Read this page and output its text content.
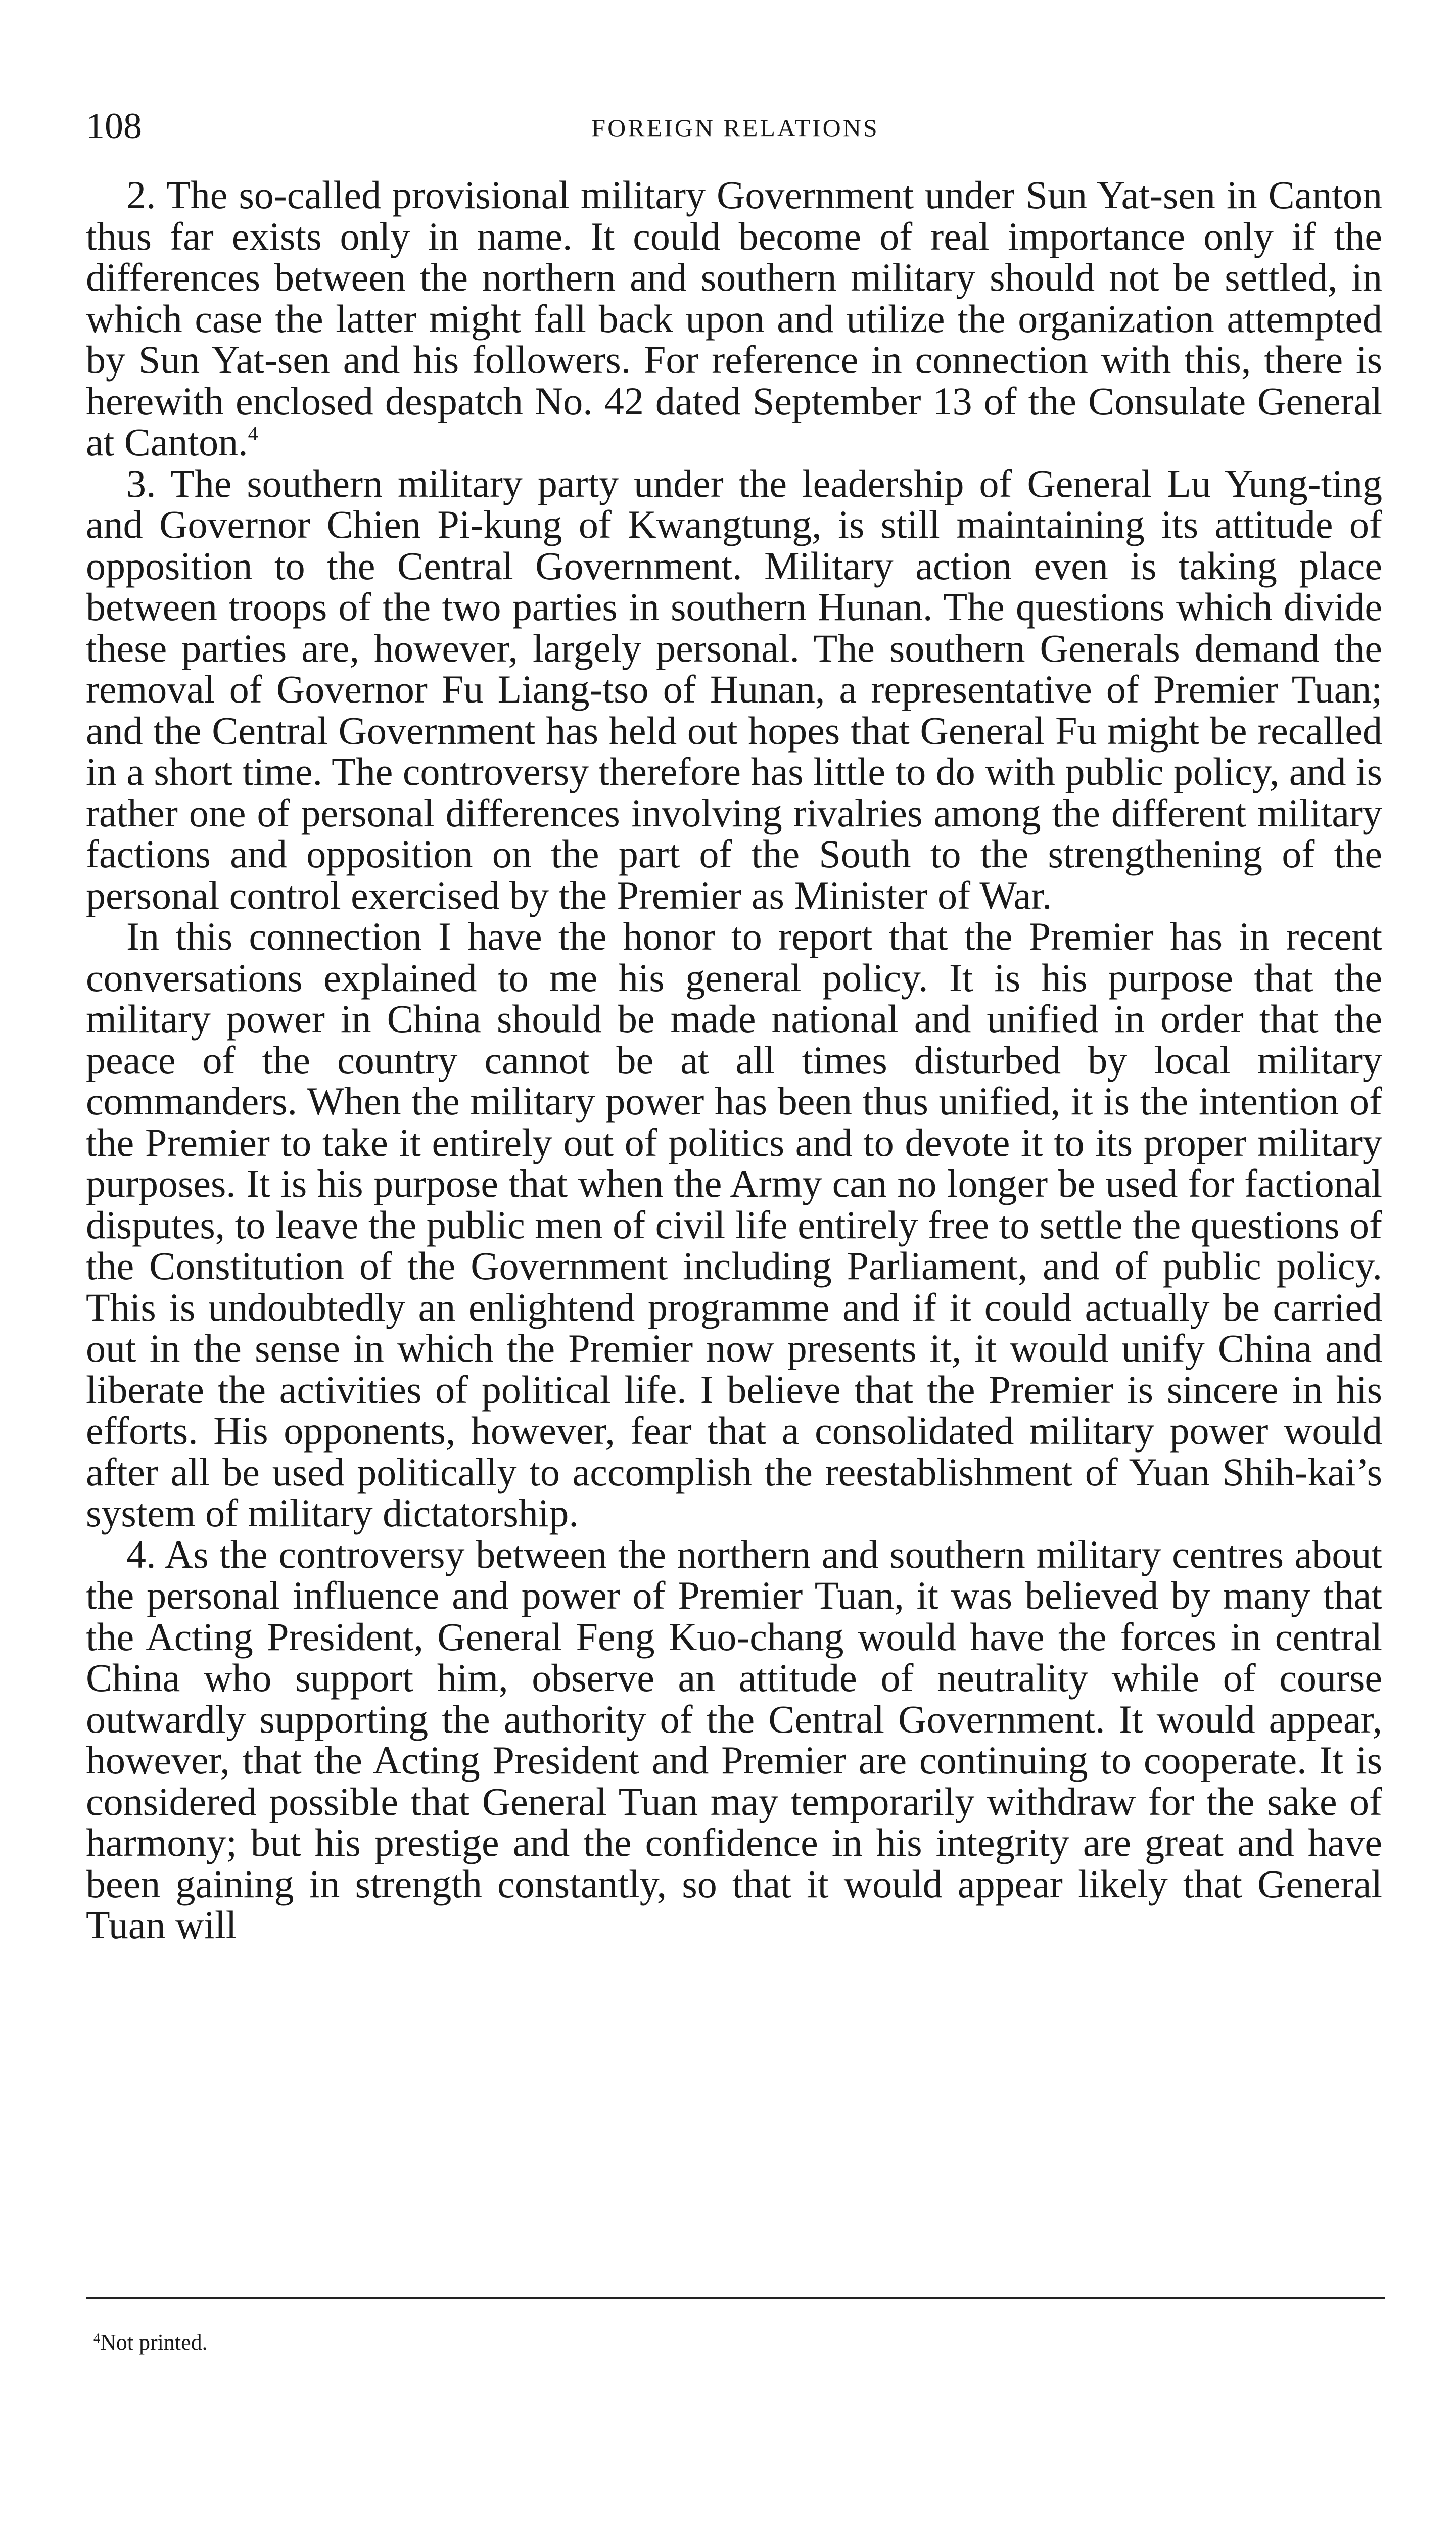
108	FOREIGN RELATIONS

2. The so-called provisional military Government under Sun Yat-sen in Canton thus far exists only in name. It could become of real importance only if the differences between the northern and southern military should not be settled, in which case the latter might fall back upon and utilize the organization attempted by Sun Yat-sen and his followers. For reference in connection with this, there is herewith enclosed despatch No. 42 dated September 13 of the Consulate General at Canton.$^4$

3. The southern military party under the leadership of General Lu Yung-ting and Governor Chien Pi-kung of Kwangtung, is still maintaining its attitude of opposition to the Central Government. Military action even is taking place between troops of the two parties in southern Hunan. The questions which divide these parties are, however, largely personal. The southern Generals demand the removal of Governor Fu Liang-tso of Hunan, a representative of Premier Tuan; and the Central Government has held out hopes that General Fu might be recalled in a short time. The controversy therefore has little to do with public policy, and is rather one of personal differences involving rivalries among the different military factions and opposition on the part of the South to the strengthening of the personal control exercised by the Premier as Minister of War.

In this connection I have the honor to report that the Premier has in recent conversations explained to me his general policy. It is his purpose that the military power in China should be made national and unified in order that the peace of the country cannot be at all times disturbed by local military commanders. When the military power has been thus unified, it is the intention of the Premier to take it entirely out of politics and to devote it to its proper military purposes. It is his purpose that when the Army can no longer be used for factional disputes, to leave the public men of civil life entirely free to settle the questions of the Constitution of the Government including Parliament, and of public policy. This is undoubtedly an enlightend programme and if it could actually be carried out in the sense in which the Premier now presents it, it would unify China and liberate the activities of political life. I believe that the Premier is sincere in his efforts. His opponents, however, fear that a consolidated military power would after all be used politically to accomplish the reestablishment of Yuan Shih-kai’s system of military dictatorship.

4. As the controversy between the northern and southern military centres about the personal influence and power of Premier Tuan, it was believed by many that the Acting President, General Feng Kuo-chang would have the forces in central China who support him, observe an attitude of neutrality while of course outwardly supporting the authority of the Central Government. It would appear, however, that the Acting President and Premier are continuing to cooperate. It is considered possible that General Tuan may temporarily withdraw for the sake of harmony; but his prestige and the confidence in his integrity are great and have been gaining in strength constantly, so that it would appear likely that General Tuan will

$^4$Not printed.
